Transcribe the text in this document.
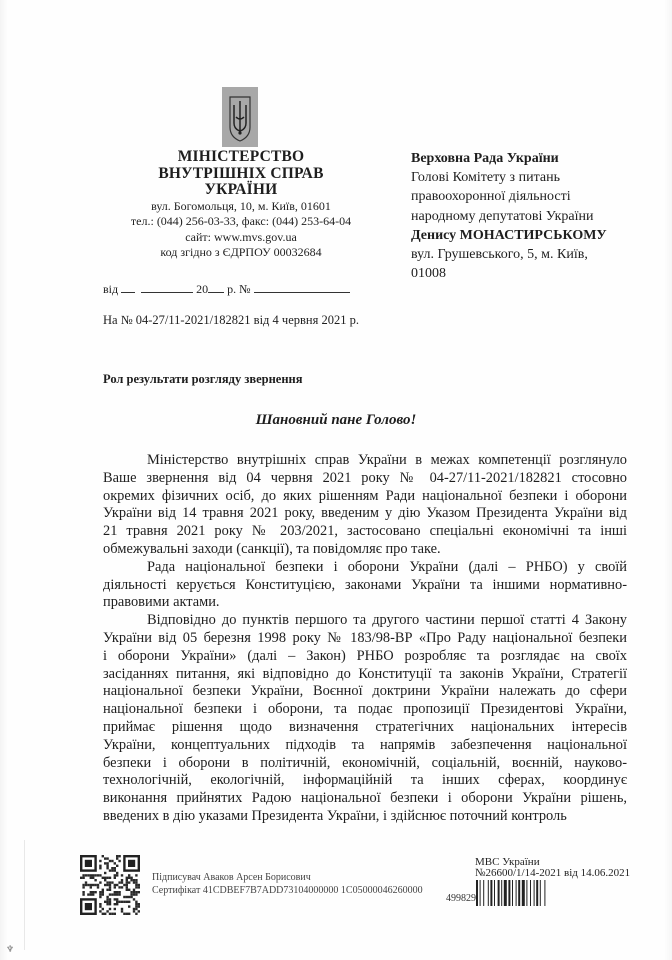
МІНІСТЕРСТВО
ВНУТРІШНІХ СПРАВ
УКРАЇНИ
вул. Богомольця, 10, м. Київ, 01601
тел.: (044) 256-03-33, факс: (044) 253-64-04
сайт: www.mvs.gov.ua
код згідно з ЄДРПОУ 00032684
Верховна Рада України
Голові Комітету з питань
правоохоронної діяльності
народному депутатові України
Денису МОНАСТИРСЬКОМУ
вул. Грушевського, 5, м. Київ,
01008
від	20 р. №
На № 04-27/11-2021/182821 від 4 червня 2021 р.
Рол результати розгляду звернення
Шановний пане Голово!
Міністерство внутрішніх справ України в межах компетенції розглянуло
Ваше звернення від 04 червня 2021 року № 04-27/11-2021/182821 стосовно
окремих фізичних осіб, до яких рішенням Ради національної безпеки і оборони
України від 14 травня 2021 року, введеним у дію Указом Президента України від
21 травня 2021 року № 203/2021, застосовано спеціальні економічні та інші
обмежувальні заходи (санкції), та повідомляє про таке.
Рада національної безпеки і оборони України (далі – РНБО) у своїй
діяльності керується Конституцією, законами України та іншими нормативно-
правовими актами.
Відповідно до пунктів першого та другого частини першої статті 4 Закону
України від 05 березня 1998 року № 183/98-ВР «Про Раду національної безпеки
і оборони України» (далі – Закон) РНБО розробляє та розглядає на своїх
засіданнях питання, які відповідно до Конституції та законів України, Стратегії
національної безпеки України, Воєнної доктрини України належать до сфери
національної безпеки і оборони, та подає пропозиції Президентові України,
приймає рішення щодо визначення стратегічних національних інтересів
України, концептуальних підходів та напрямів забезпечення національної
безпеки і оборони в політичній, економічній, соціальній, воєнній, науково-
технологічній, екологічній, інформаційній та інших сферах, координує
виконання прийнятих Радою національної безпеки і оборони України рішень,
введених в дію указами Президента України, і здійснює поточний контроль
Підписувач Аваков Арсен Борисович
Сертифікат 41CDBEF7B7ADD73104000000 1C05000046260000
МВС України
№26600/1/14-2021 від 14.06.2021
499829
♆
